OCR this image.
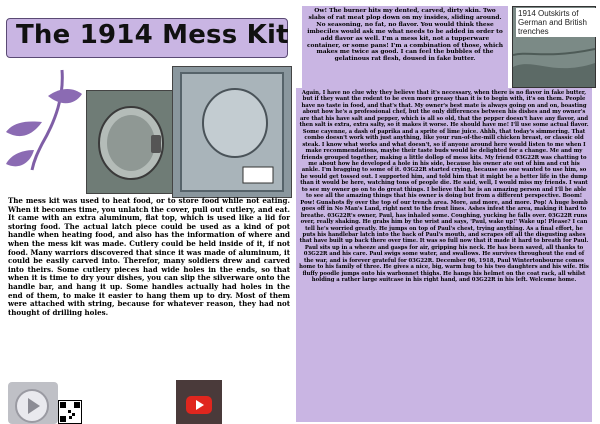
The 1914 Mess Kit
The mess kit was used to heat food, or to store food while not eating. When it becomes time, you unlatch the cover, pull out cutlery, and eat. It came with an extra aluminum, flat top, which is used like a lid for storing food. The actual latch piece could be used as a kind of pot handle when heating food, and also has the information of where and when the mess kit was made. Cutlery could be held inside of it, if not food. Many warriors discovered that since it was made of aluminum, it could be easily carved into. Therefor, many soldiers drew and carved into theirs. Some cutlery pieces had wide holes in the ends, so that when it is time to dry your dishes, you can slip the silverware onto the handle bar, and hang it up. Some handles actually had holes in the end of them, to make it easier to hang them up to dry. Most of them were attached with string, because for whatever reason, they had not thought of drilling holes.
Ow! The burner hits my dented, carved, dirty skin. Two slabs of rat meat plop down on my insides, sliding around. No seasoning, no fat, no flavor. You would think these imbeciles would ask me what needs to be added in order to add flavor as well. I'm a mess kit, not a tupperware container, or some pans! I'm a combination of those, which makes me twice as good. I can feel the bubbles of the gelatinous rat flesh, doused in fake butter.
1914 Outskirts of German and British trenches
Again, I have no clue why they believe that it's necessary, when there is no flavor in fake butter, but if they want the rodent to be even more greasy than it is to begin with, it's on them. People have no taste in food, and that's that. My owner's best mate is always going on and on, boasting about how he's a professional chef, but the only differences between his dishes and my owner's are that his have salt and pepper, which is all so old, that the pepper doesn't have any flavor, and then salt is extra, extra salty, so it makes it worse. He should have me! I'll use some actual flavor. Some cayenne, a dash of paprika and a sprite of lime juice. Ahhh, that today's simmering. That combo doesn't work with just anything, like your run-of-the-mill chicken breast, or classic old steak. I know what works and what doesn't, so if anyone around here would listen to me when I make recommendations, maybe their taste buds would be delighted for a change. Me and my friends grouped together, making a little dollop of mess kits. My friend 03G22R was chatting to me about how he developed a hole in his side, because his owner ate out of him and cut his ankle. I'm bragging to some of it. 03G22R started crying, because no one wanted to use him, so he would get tossed out. I supported him, and told him that it might be a better life in the dump than it would be here, watching tons of people die. He said, well, I would miss my friends. I want to see my owner go on to do great things. I believe that he is an amazing person and I'll be able to see all the amazing things that his owner is doing but from a different perspective. Boom! Pow! Gunshots fly over the top of our trench area. More, and more, and more. Pop! A huge bomb goes off in No Man's Land, right next to the front lines. Ashes infest the area, making it hard to breathe. 03G22R's owner, Paul, has inhaled some. Coughing, yucking he falls over. 03G22R runs over, really shaking. He grabs him by the wrist and says, 'Paul, wake up!' Wake up! Please? I can tell he's worried greatly. He jumps on top of Paul's chest, trying anything. As a final effort, he puts his handlebar latch into the back of Paul's mouth, and scrapes off all the disgusting ashes that have built up back there over time. It was so full now that it made it hard to breath for Paul. Paul sits up in a wheeze and gasps for air, gripping his neck. He has been saved, all thanks to 03G22R and his care. Paul swigs some water, and swallows. He survives throughout the end of the war, and is forever grateful for 03G22R. December 06, 1918, Paul Wintertonbourne comes home to his family of three. He gives a nice, big, warm hug to his two daughters and his wife. His fluffy poodle jumps onto his warbonnet thighs. He hangs his helmet on the coat rack, all whilst holding a rather large suitcase in his right hand, and 03G22R in his left. Welcome home.
